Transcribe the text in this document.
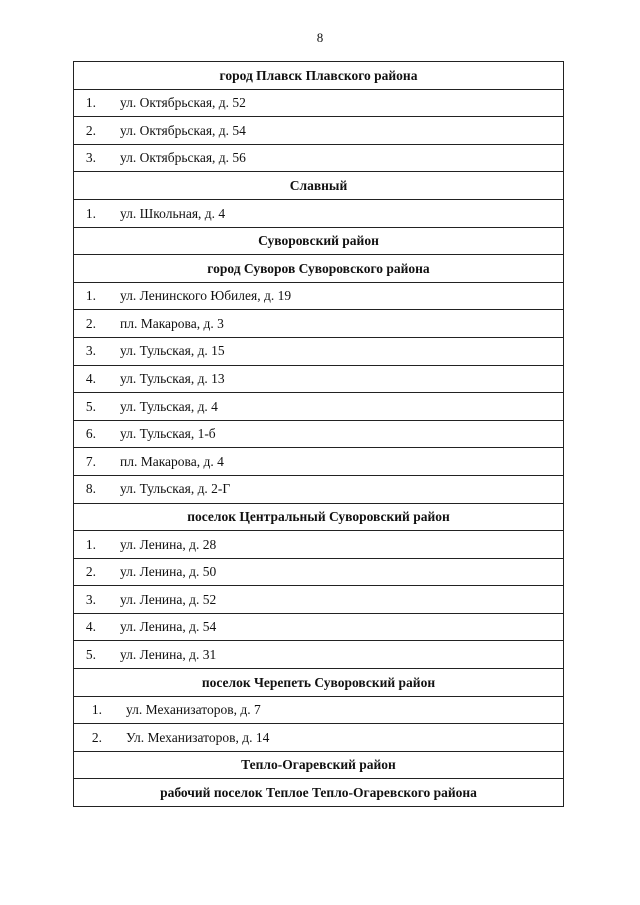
8
город Плавск Плавского района
1. ул. Октябрьская, д. 52
2. ул. Октябрьская, д. 54
3. ул. Октябрьская, д. 56
Славный
1. ул. Школьная, д. 4
Суворовский район
город Суворов Суворовского района
1. ул. Ленинского Юбилея, д. 19
2. пл. Макарова, д. 3
3. ул. Тульская, д. 15
4. ул. Тульская, д. 13
5. ул. Тульская, д. 4
6. ул. Тульская, 1-б
7. пл. Макарова, д. 4
8. ул. Тульская, д. 2-Г
поселок Центральный Суворовский район
1. ул. Ленина, д. 28
2. ул. Ленина, д. 50
3. ул. Ленина, д. 52
4. ул. Ленина, д. 54
5. ул. Ленина, д. 31
поселок Черепеть Суворовский район
1. ул. Механизаторов, д. 7
2. Ул. Механизаторов, д. 14
Тепло-Огаревский район
рабочий поселок Теплое Тепло-Огаревского района
